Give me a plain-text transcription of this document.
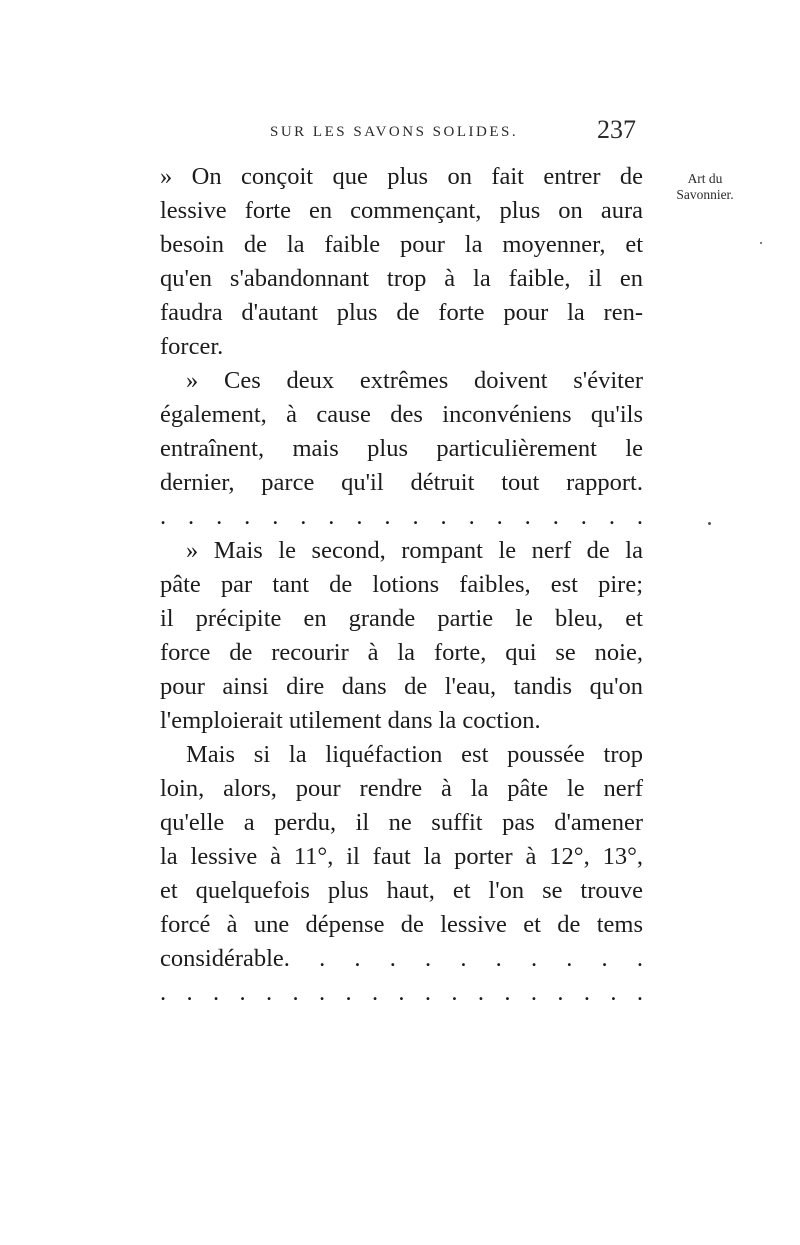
SUR LES SAVONS SOLIDES.	237
Art du
Savonnier.
» On conçoit que plus on fait entrer de
lessive forte en commençant, plus on aura
besoin de la faible pour la moyenner, et
qu'en s'abandonnant trop à la faible, il en
faudra d'autant plus de forte pour la ren-
forcer.
» Ces deux extrêmes doivent s'éviter
également, à cause des inconvéniens qu'ils
entraînent, mais plus particulièrement le
dernier, parce qu'il détruit tout rapport.
. . . . . . . . . . . . . . . . . .
» Mais le second, rompant le nerf de la
pâte par tant de lotions faibles, est pire;
il précipite en grande partie le bleu, et
force de recourir à la forte, qui se noie,
pour ainsi dire dans de l'eau, tandis qu'on
l'emploierait utilement dans la coction.
Mais si la liquéfaction est poussée trop
loin, alors, pour rendre à la pâte le nerf
qu'elle a perdu, il ne suffit pas d'amener
la lessive à 11°, il faut la porter à 12°, 13°,
et quelquefois plus haut, et l'on se trouve
forcé à une dépense de lessive et de tems
considérable. . . . . . . . . . .
. . . . . . . . . . . . . . . . . . .
